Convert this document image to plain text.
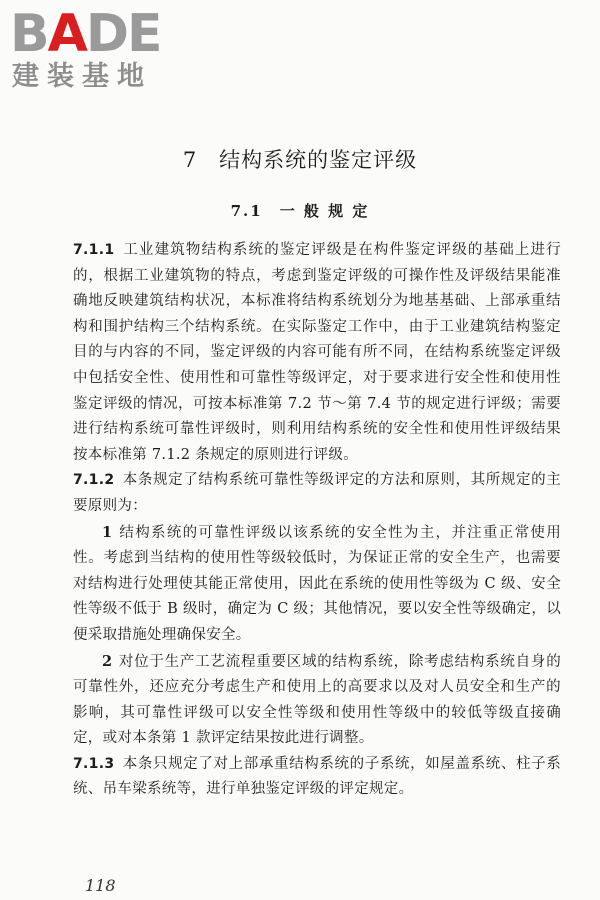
BADE
建装基地
7　结构系统的鉴定评级
7.1　一 般 规 定

7.1.1 工业建筑物结构系统的鉴定评级是在构件鉴定评级的基础上进行的，根据工业建筑物的特点，考虑到鉴定评级的可操作性及评级结果能准确地反映建筑结构状况，本标准将结构系统划分为地基基础、上部承重结构和围护结构三个结构系统。在实际鉴定工作中，由于工业建筑结构鉴定目的与内容的不同，鉴定评级的内容可能有所不同，在结构系统鉴定评级中包括安全性、使用性和可靠性等级评定，对于要求进行安全性和使用性鉴定评级的情况，可按本标准第 7.2 节～第 7.4 节的规定进行评级；需要进行结构系统可靠性评级时，则利用结构系统的安全性和使用性评级结果按本标准第 7.1.2 条规定的原则进行评级。

7.1.2 本条规定了结构系统可靠性等级评定的方法和原则，其所规定的主要原则为：

1 结构系统的可靠性评级以该系统的安全性为主，并注重正常使用性。考虑到当结构的使用性等级较低时，为保证正常的安全生产，也需要对结构进行处理使其能正常使用，因此在系统的使用性等级为 C 级、安全性等级不低于 B 级时，确定为 C 级；其他情况，要以安全性等级确定，以便采取措施处理确保安全。

2 对位于生产工艺流程重要区域的结构系统，除考虑结构系统自身的可靠性外，还应充分考虑生产和使用上的高要求以及对人员安全和生产的影响，其可靠性评级可以安全性等级和使用性等级中的较低等级直接确定，或对本条第 1 款评定结果按此进行调整。

7.1.3 本条只规定了对上部承重结构系统的子系统，如屋盖系统、柱子系统、吊车梁系统等，进行单独鉴定评级的评定规定。

118
